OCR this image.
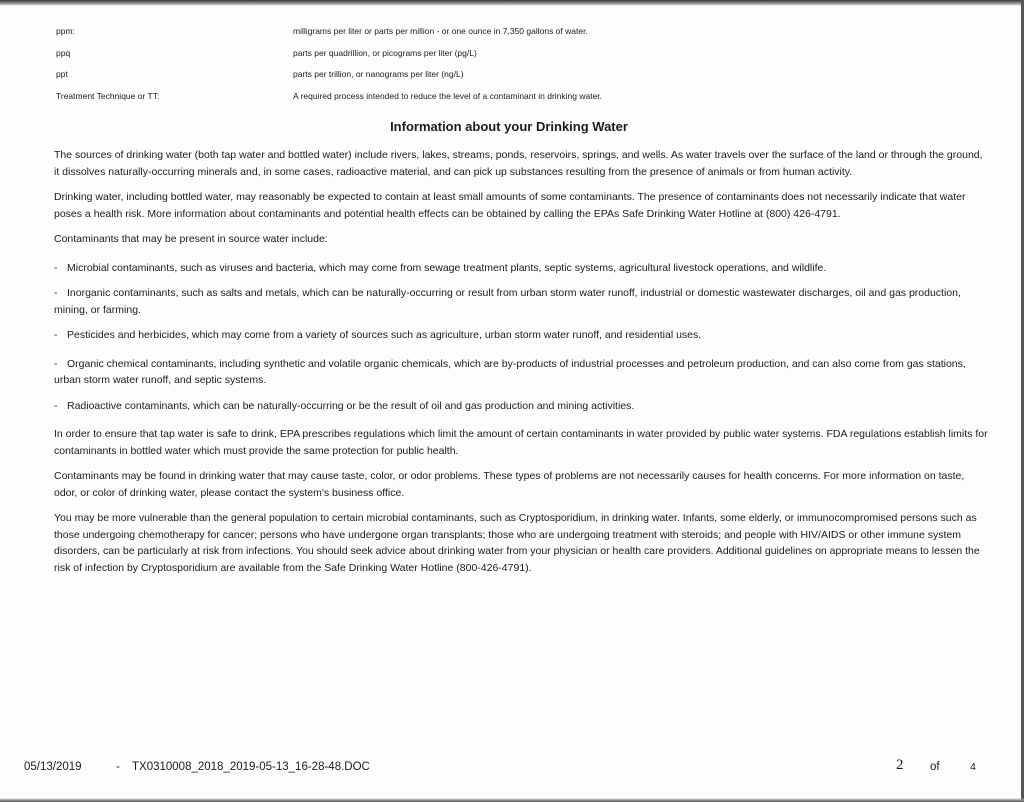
ppm:	milligrams per liter or parts per million - or one ounce in 7,350 gallons of water.
ppq	parts per quadrillion, or picograms per liter (pg/L)
ppt	parts per trillion, or nanograms per liter (ng/L)
Treatment Technique or TT:	A required process intended to reduce the level of a contaminant in drinking water.
Information about your Drinking Water

The sources of drinking water (both tap water and bottled water) include rivers, lakes, streams, ponds, reservoirs, springs, and wells. As water travels over the surface of the land or through the ground, it dissolves naturally-occurring minerals and, in some cases, radioactive material, and can pick up substances resulting from the presence of animals or from human activity.

Drinking water, including bottled water, may reasonably be expected to contain at least small amounts of some contaminants. The presence of contaminants does not necessarily indicate that water poses a health risk. More information about contaminants and potential health effects can be obtained by calling the EPAs Safe Drinking Water Hotline at (800) 426-4791.

Contaminants that may be present in source water include:

- Microbial contaminants, such as viruses and bacteria, which may come from sewage treatment plants, septic systems, agricultural livestock operations, and wildlife.

- Inorganic contaminants, such as salts and metals, which can be naturally-occurring or result from urban storm water runoff, industrial or domestic wastewater discharges, oil and gas production, mining, or farming.

- Pesticides and herbicides, which may come from a variety of sources such as agriculture, urban storm water runoff, and residential uses.

- Organic chemical contaminants, including synthetic and volatile organic chemicals, which are by-products of industrial processes and petroleum production, and can also come from gas stations, urban storm water runoff, and septic systems.

- Radioactive contaminants, which can be naturally-occurring or be the result of oil and gas production and mining activities.

In order to ensure that tap water is safe to drink, EPA prescribes regulations which limit the amount of certain contaminants in water provided by public water systems. FDA regulations establish limits for contaminants in bottled water which must provide the same protection for public health.

Contaminants may be found in drinking water that may cause taste, color, or odor problems. These types of problems are not necessarily causes for health concerns. For more information on taste, odor, or color of drinking water, please contact the system's business office.

You may be more vulnerable than the general population to certain microbial contaminants, such as Cryptosporidium, in drinking water. Infants, some elderly, or immunocompromised persons such as those undergoing chemotherapy for cancer; persons who have undergone organ transplants; those who are undergoing treatment with steroids; and people with HIV/AIDS or other immune system disorders, can be particularly at risk from infections. You should seek advice about drinking water from your physician or health care providers. Additional guidelines on appropriate means to lessen the risk of infection by Cryptosporidium are available from the Safe Drinking Water Hotline (800-426-4791).

05/13/2019	- TX0310008_2018_2019-05-13_16-28-48.DOC	2 of	4
